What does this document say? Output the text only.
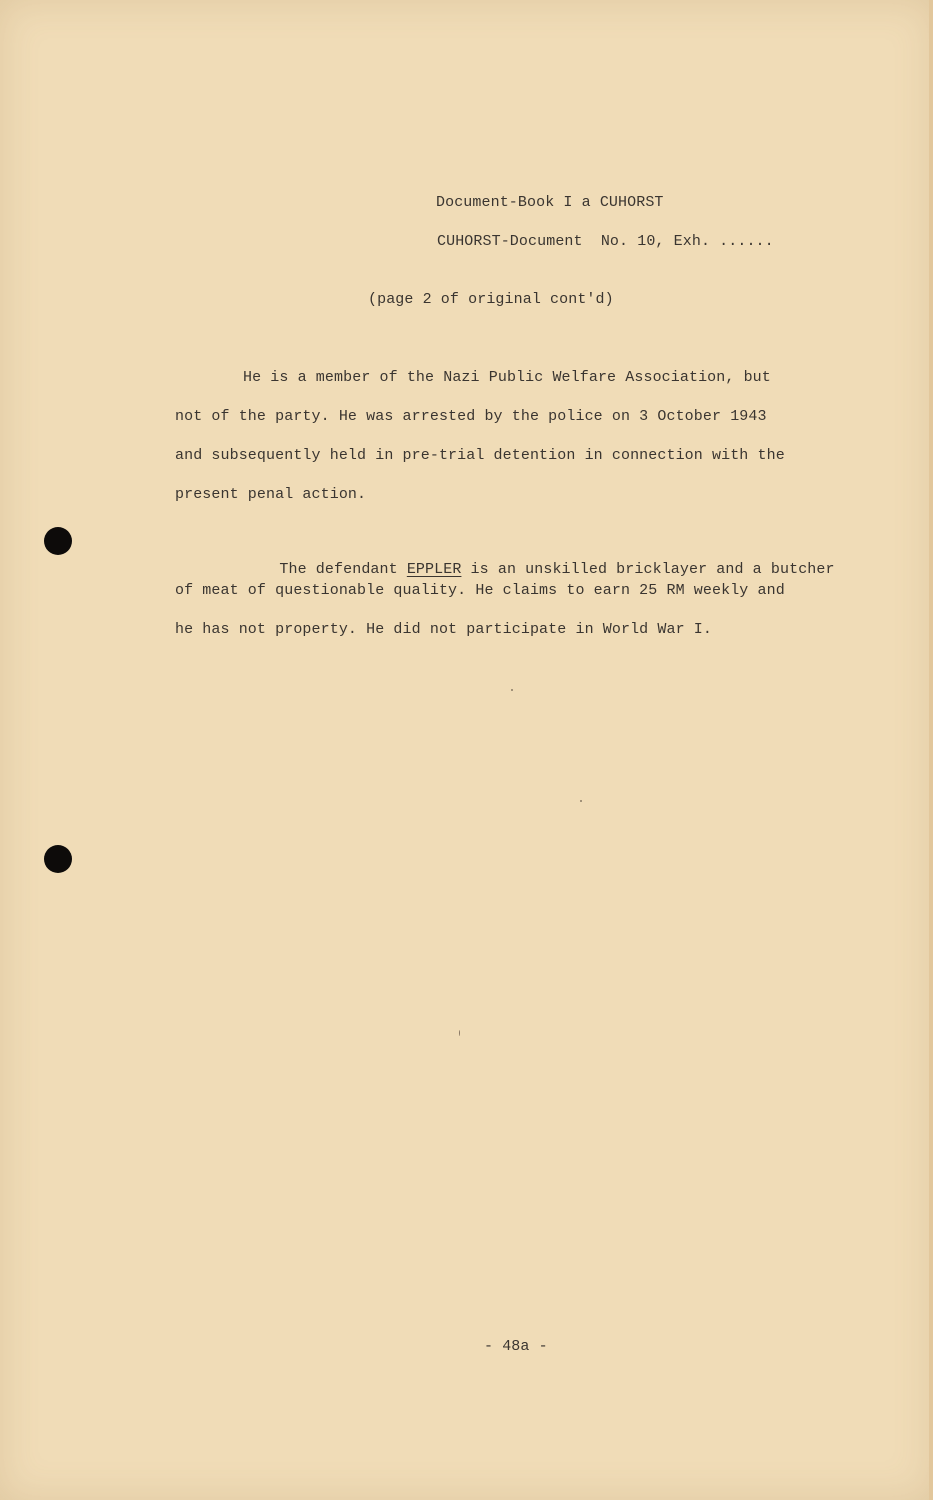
Document-Book I a CUHORST
CUHORST-Document  No. 10, Exh. ......
(page 2 of original cont'd)
He is a member of the Nazi Public Welfare Association, but
not of the party. He was arrested by the police on 3 October 1943
and subsequently held in pre-trial detention in connection with the
present penal action.

The defendant EPPLER is an unskilled bricklayer and a butcher

of meat of questionable quality. He claims to earn 25 RM weekly and
he has not property. He did not participate in World War I.
- 48a -
